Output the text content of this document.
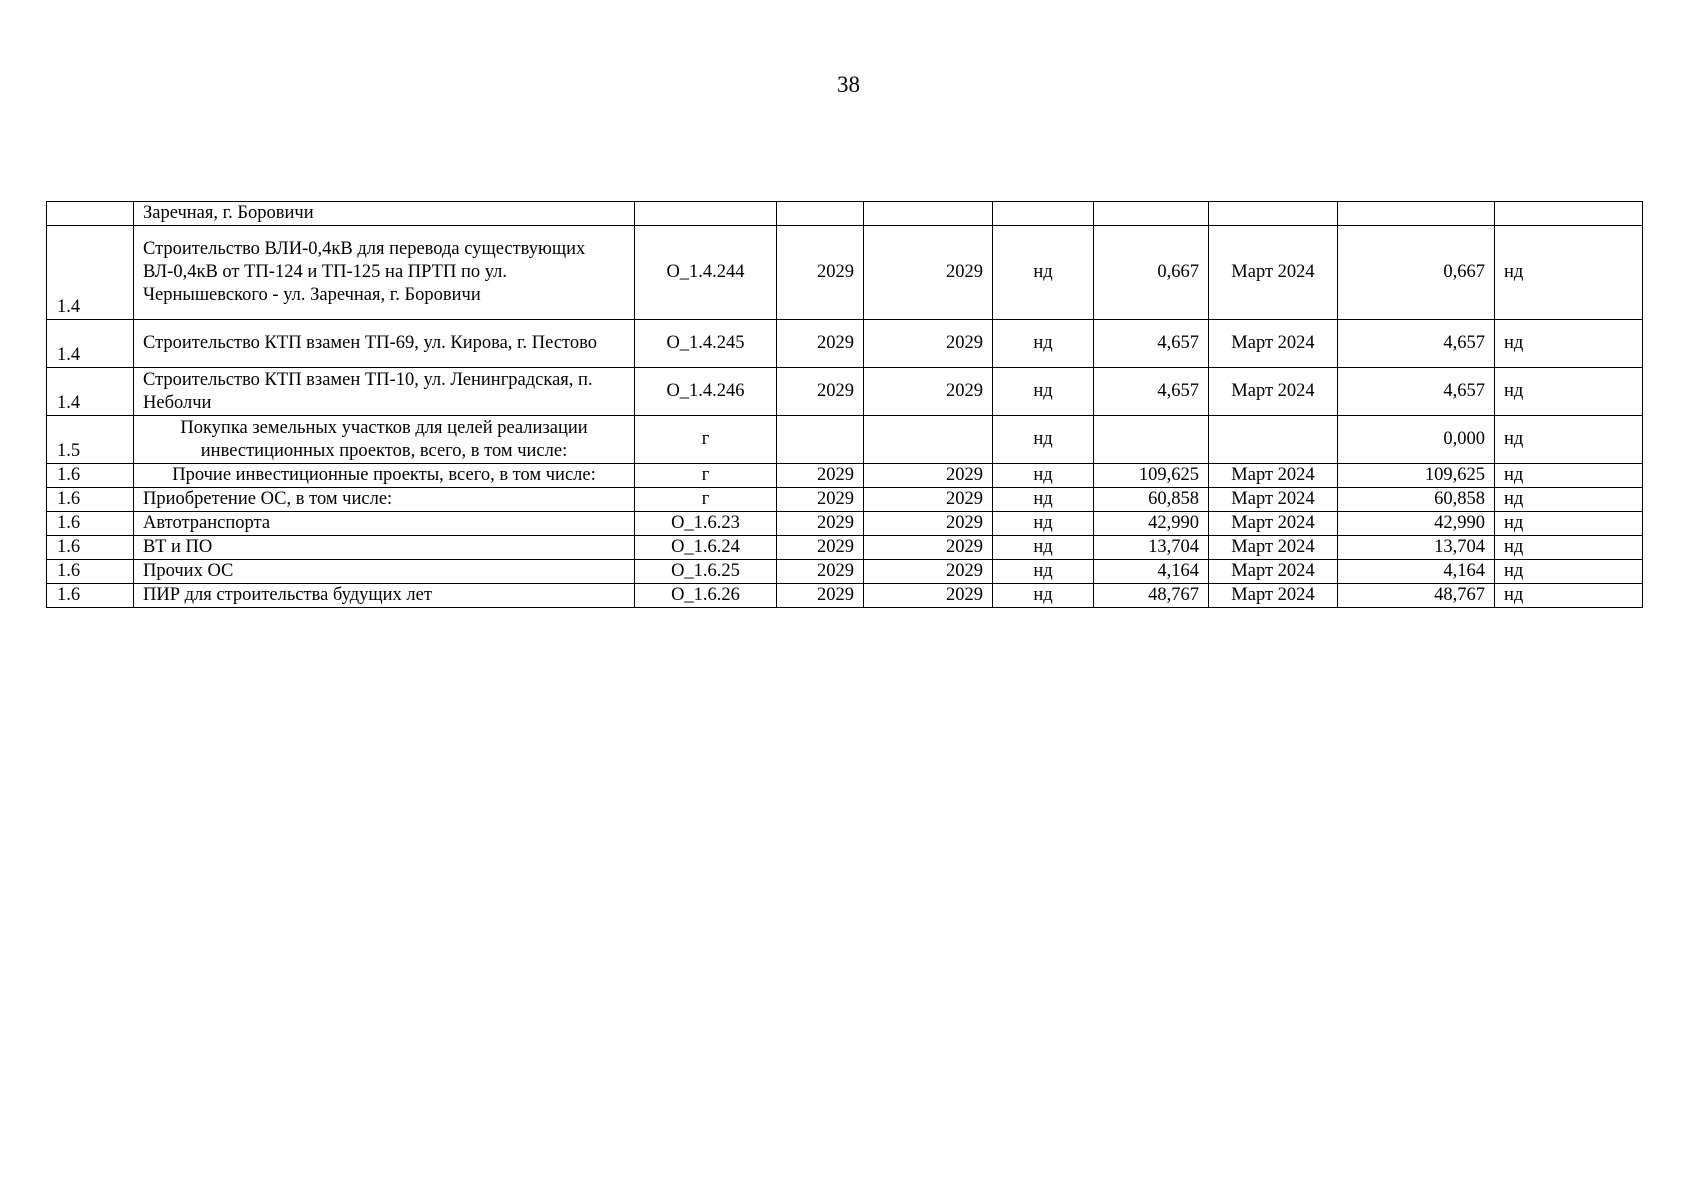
38
	Заречная, г. Боровичи								
1.4	Строительство ВЛИ-0,4кВ для перевода существующих ВЛ-0,4кВ от ТП-124 и ТП-125 на ПРТП по ул. Чернышевского - ул. Заречная, г. Боровичи	О_1.4.244	2029	2029	нд	0,667	Март 2024	0,667	нд
1.4	Строительство КТП взамен ТП-69, ул. Кирова, г. Пестово	О_1.4.245	2029	2029	нд	4,657	Март 2024	4,657	нд
1.4	Строительство КТП взамен ТП-10, ул. Ленинградская, п. Неболчи	О_1.4.246	2029	2029	нд	4,657	Март 2024	4,657	нд
1.5	Покупка земельных участков для целей реализации инвестиционных проектов, всего, в том числе:	г			нд			0,000	нд
1.6	Прочие инвестиционные проекты, всего, в том числе:	г	2029	2029	нд	109,625	Март 2024	109,625	нд
1.6	Приобретение ОС, в том числе:	г	2029	2029	нд	60,858	Март 2024	60,858	нд
1.6	Автотранспорта	О_1.6.23	2029	2029	нд	42,990	Март 2024	42,990	нд
1.6	ВТ и ПО	О_1.6.24	2029	2029	нд	13,704	Март 2024	13,704	нд
1.6	Прочих ОС	О_1.6.25	2029	2029	нд	4,164	Март 2024	4,164	нд
1.6	ПИР для строительства будущих лет	О_1.6.26	2029	2029	нд	48,767	Март 2024	48,767	нд
